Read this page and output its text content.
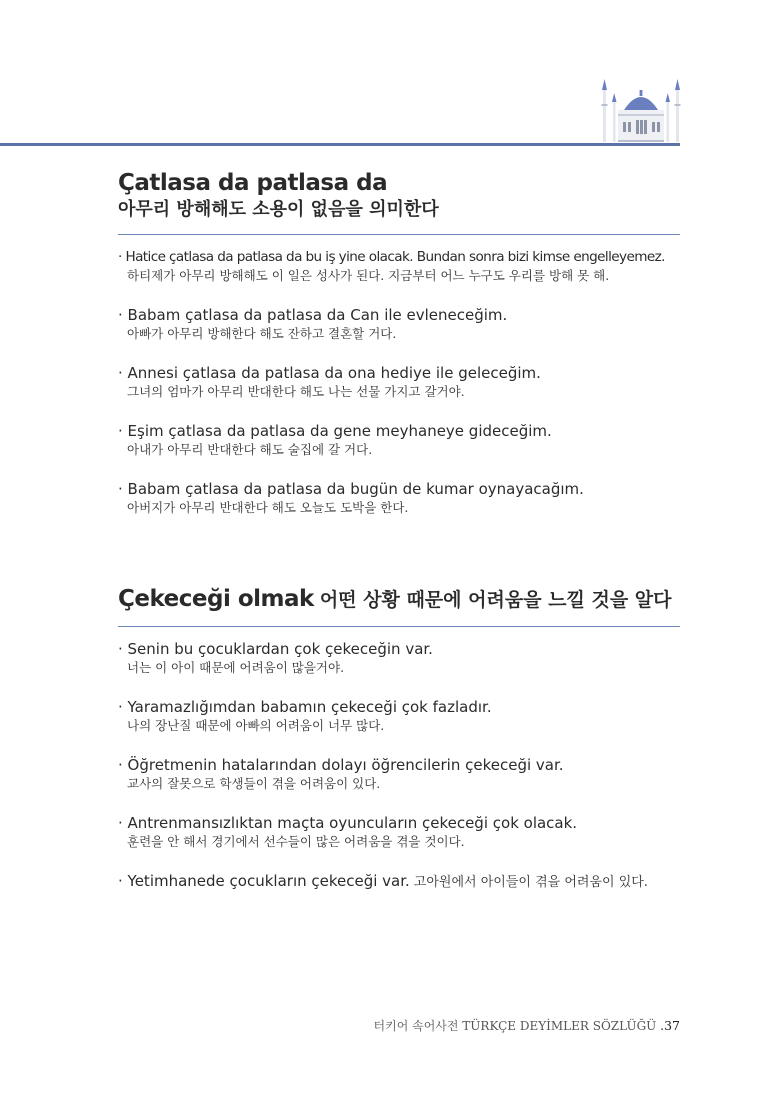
Çatlasa da patlasa da
아무리 방해해도 소용이 없음을 의미한다
· Hatice çatlasa da patlasa da bu iş yine olacak. Bundan sonra bizi kimse engelleyemez.
하티제가 아무리 방해해도 이 일은 성사가 된다. 지금부터 어느 누구도 우리를 방해 못 해.
· Babam çatlasa da patlasa da Can ile evleneceğim.
아빠가 아무리 방해한다 해도 잔하고 결혼할 거다.
· Annesi çatlasa da patlasa da ona hediye ile geleceğim.
그녀의 엄마가 아무리 반대한다 해도 나는 선물 가지고 갈거야.
· Eşim çatlasa da patlasa da gene meyhaneye gideceğim.
아내가 아무리 반대한다 해도 술집에 갈 거다.
· Babam çatlasa da patlasa da bugün de kumar oynayacağım.
아버지가 아무리 반대한다 해도 오늘도 도박을 한다.
Çekeceği olmak 어떤 상황 때문에 어려움을 느낄 것을 알다
· Senin bu çocuklardan çok çekeceğin var.
너는 이 아이 때문에 어려움이 많을거야.
· Yaramazlığımdan babamın çekeceği çok fazladır.
나의 장난질 때문에 아빠의 어려움이 너무 많다.
· Öğretmenin hatalarından dolayı öğrencilerin çekeceği var.
교사의 잘못으로 학생들이 겪을 어려움이 있다.
· Antrenmansızlıktan maçta oyuncuların çekeceği çok olacak.
훈련을 안 해서 경기에서 선수들이 많은 어려움을 겪을 것이다.
· Yetimhanede çocukların çekeceği var. 고아원에서 아이들이 겪을 어려움이 있다.
터키어 속어사전 TÜRKÇE DEYİMLER SÖZLÜĞÜ .37
